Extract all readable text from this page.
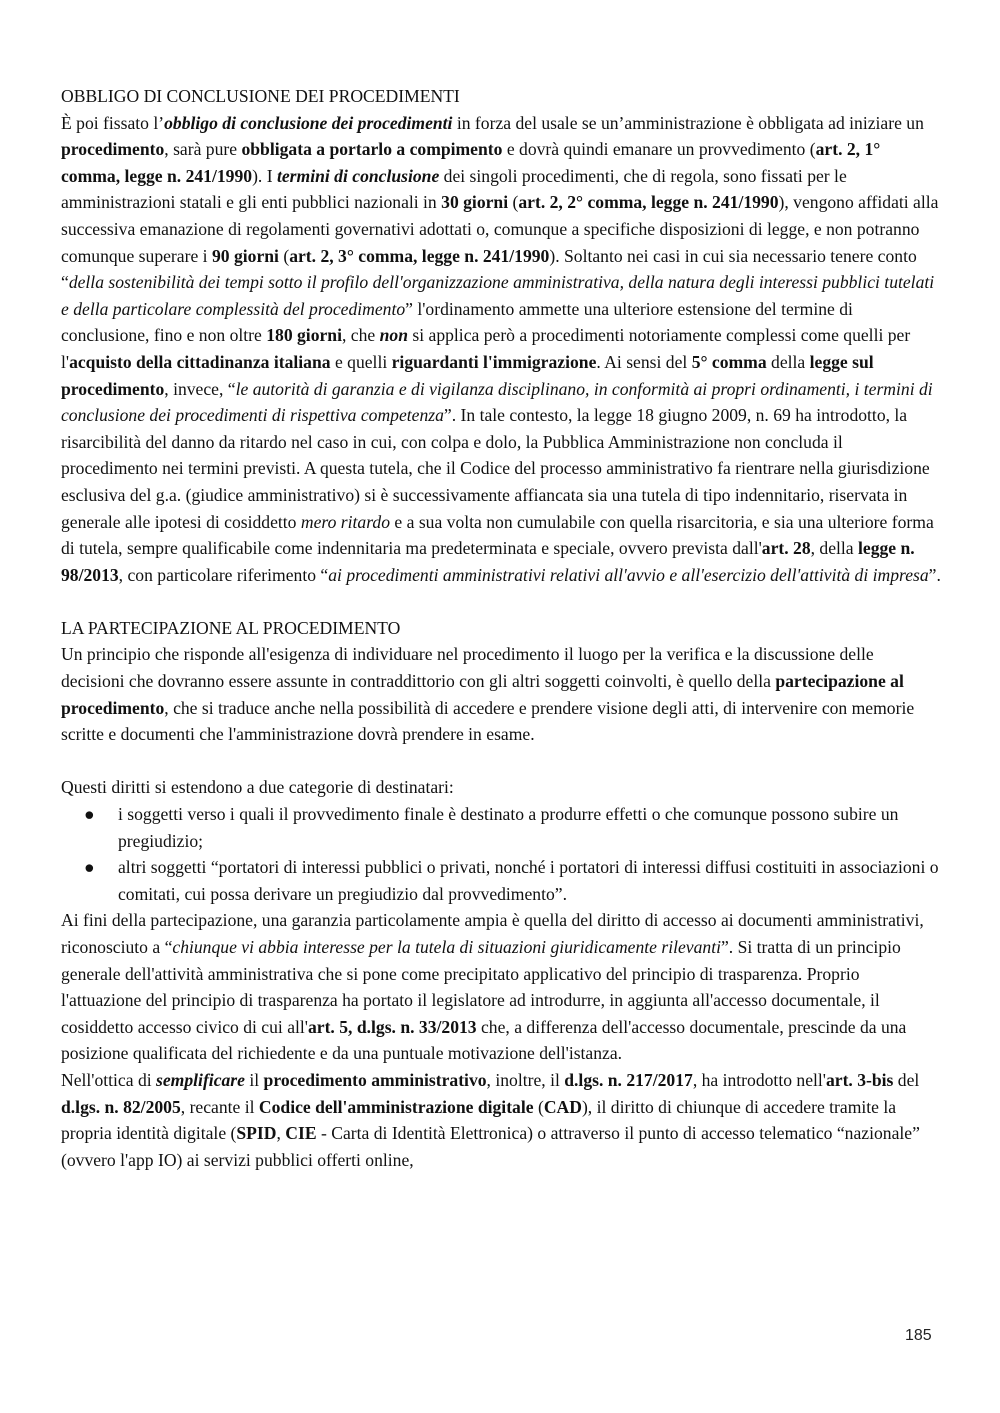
OBBLIGO DI CONCLUSIONE DEI PROCEDIMENTI

È poi fissato l’obbligo di conclusione dei procedimenti in forza del usale se un’amministrazione è obbligata ad iniziare un procedimento, sarà pure obbligata a portarlo a compimento e dovrà quindi emanare un provvedimento (art. 2, 1° comma, legge n. 241/1990). I termini di conclusione dei singoli procedimenti, che di regola, sono fissati per le amministrazioni statali e gli enti pubblici nazionali in 30 giorni (art. 2, 2° comma, legge n. 241/1990), vengono affidati alla successiva emanazione di regolamenti governativi adottati o, comunque a specifiche disposizioni di legge, e non potranno comunque superare i 90 giorni (art. 2, 3° comma, legge n. 241/1990). Soltanto nei casi in cui sia necessario tenere conto “della sostenibilità dei tempi sotto il profilo dell'organizzazione amministrativa, della natura degli interessi pubblici tutelati e della particolare complessità del procedimento” l'ordinamento ammette una ulteriore estensione del termine di conclusione, fino e non oltre 180 giorni, che non si applica però a procedimenti notoriamente complessi come quelli per l'acquisto della cittadinanza italiana e quelli riguardanti l'immigrazione. Ai sensi del 5° comma della legge sul procedimento, invece, “le autorità di garanzia e di vigilanza disciplinano, in conformità ai propri ordinamenti, i termini di conclusione dei procedimenti di rispettiva competenza”. In tale contesto, la legge 18 giugno 2009, n. 69 ha introdotto, la risarcibilità del danno da ritardo nel caso in cui, con colpa e dolo, la Pubblica Amministrazione non concluda il procedimento nei termini previsti. A questa tutela, che il Codice del processo amministrativo fa rientrare nella giurisdizione esclusiva del g.a. (giudice amministrativo) si è successivamente affiancata sia una tutela di tipo indennitario, riservata in generale alle ipotesi di cosiddetto mero ritardo e a sua volta non cumulabile con quella risarcitoria, e sia una ulteriore forma di tutela, sempre qualificabile come indennitaria ma predeterminata e speciale, ovvero prevista dall'art. 28, della legge n. 98/2013, con particolare riferimento “ai procedimenti amministrativi relativi all'avvio e all'esercizio dell'attività di impresa”.

LA PARTECIPAZIONE AL PROCEDIMENTO

Un principio che risponde all'esigenza di individuare nel procedimento il luogo per la verifica e la discussione delle decisioni che dovranno essere assunte in contraddittorio con gli altri soggetti coinvolti, è quello della partecipazione al procedimento, che si traduce anche nella possibilità di accedere e prendere visione degli atti, di intervenire con memorie scritte e documenti che l'amministrazione dovrà prendere in esame.

Questi diritti si estendono a due categorie di destinatari:

● i soggetti verso i quali il provvedimento finale è destinato a produrre effetti o che comunque possono subire un pregiudizio;
● altri soggetti “portatori di interessi pubblici o privati, nonché i portatori di interessi diffusi costituiti in associazioni o comitati, cui possa derivare un pregiudizio dal provvedimento”.

Ai fini della partecipazione, una garanzia particolamente ampia è quella del diritto di accesso ai documenti amministrativi, riconosciuto a “chiunque vi abbia interesse per la tutela di situazioni giuridicamente rilevanti”. Si tratta di un principio generale dell'attività amministrativa che si pone come precipitato applicativo del principio di trasparenza. Proprio l'attuazione del principio di trasparenza ha portato il legislatore ad introdurre, in aggiunta all'accesso documentale, il cosiddetto accesso civico di cui all'art. 5, d.lgs. n. 33/2013 che, a differenza dell'accesso documentale, prescinde da una posizione qualificata del richiedente e da una puntuale motivazione dell'istanza.

Nell'ottica di semplificare il procedimento amministrativo, inoltre, il d.lgs. n. 217/2017, ha introdotto nell'art. 3-bis del d.lgs. n. 82/2005, recante il Codice dell'amministrazione digitale (CAD), il diritto di chiunque di accedere tramite la propria identità digitale (SPID, CIE - Carta di Identità Elettronica) o attraverso il punto di accesso telematico “nazionale” (ovvero l'app IO) ai servizi pubblici offerti online,

185
